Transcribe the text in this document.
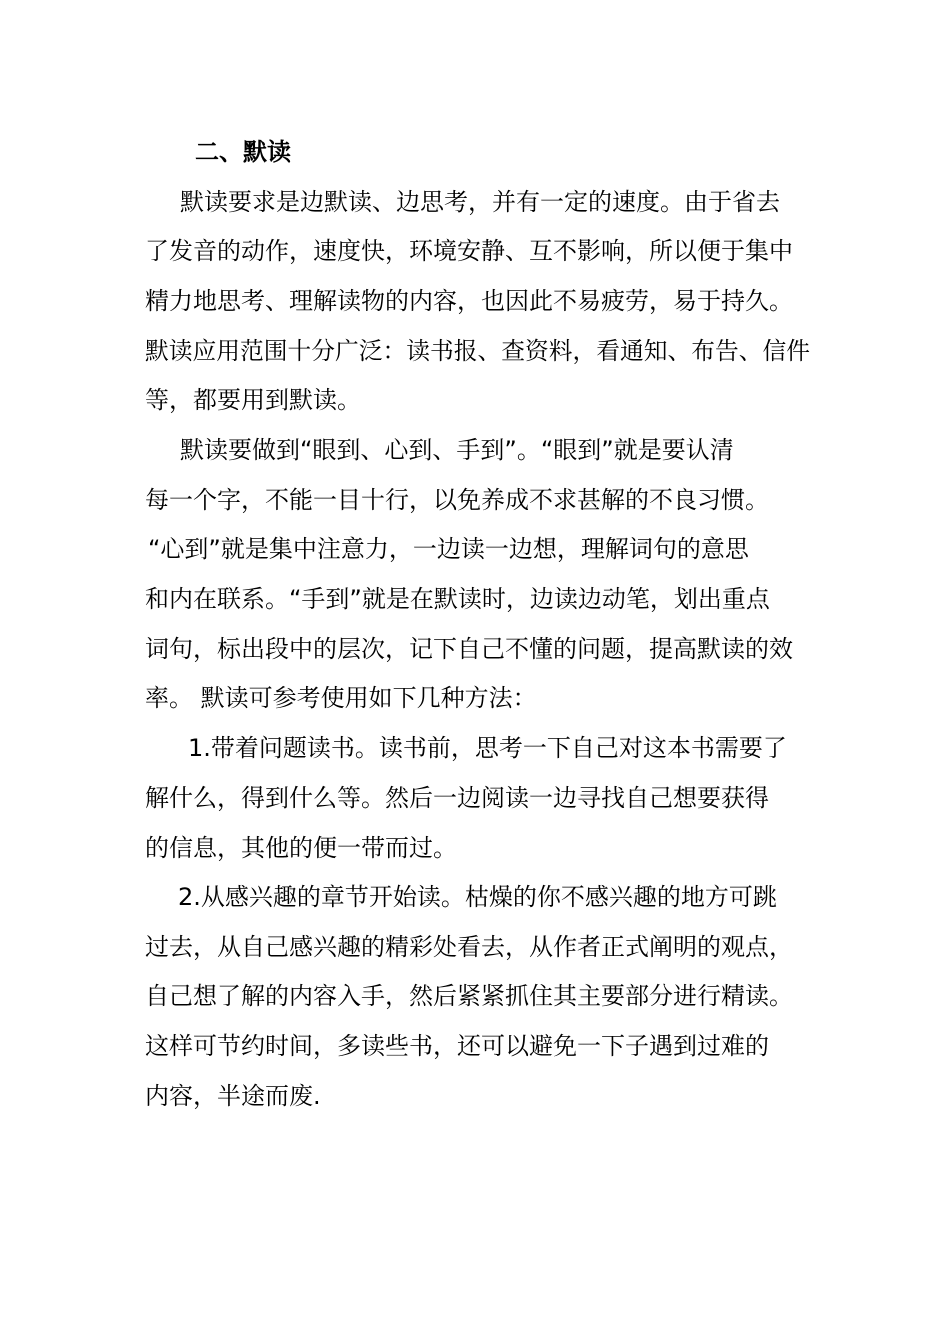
二、默读
默读要求是边默读、边思考，并有一定的速度。由于省去
了发音的动作，速度快，环境安静、互不影响，所以便于集中
精力地思考、理解读物的内容，也因此不易疲劳，易于持久。
默读应用范围十分广泛：读书报、查资料，看通知、布告、信件
等，都要用到默读。
默读要做到“眼到、心到、手到”。“眼到”就是要认清
每一个字，不能一目十行，以免养成不求甚解的不良习惯。
“心到”就是集中注意力，一边读一边想，理解词句的意思
和内在联系。“手到”就是在默读时，边读边动笔，划出重点
词句，标出段中的层次，记下自己不懂的问题，提高默读的效
率。 默读可参考使用如下几种方法：
1.带着问题读书。读书前，思考一下自己对这本书需要了
解什么，得到什么等。然后一边阅读一边寻找自己想要获得
的信息，其他的便一带而过。
2.从感兴趣的章节开始读。枯燥的你不感兴趣的地方可跳
过去，从自己感兴趣的精彩处看去，从作者正式阐明的观点，
自己想了解的内容入手，然后紧紧抓住其主要部分进行精读。
这样可节约时间，多读些书，还可以避免一下子遇到过难的
内容，半途而废.
